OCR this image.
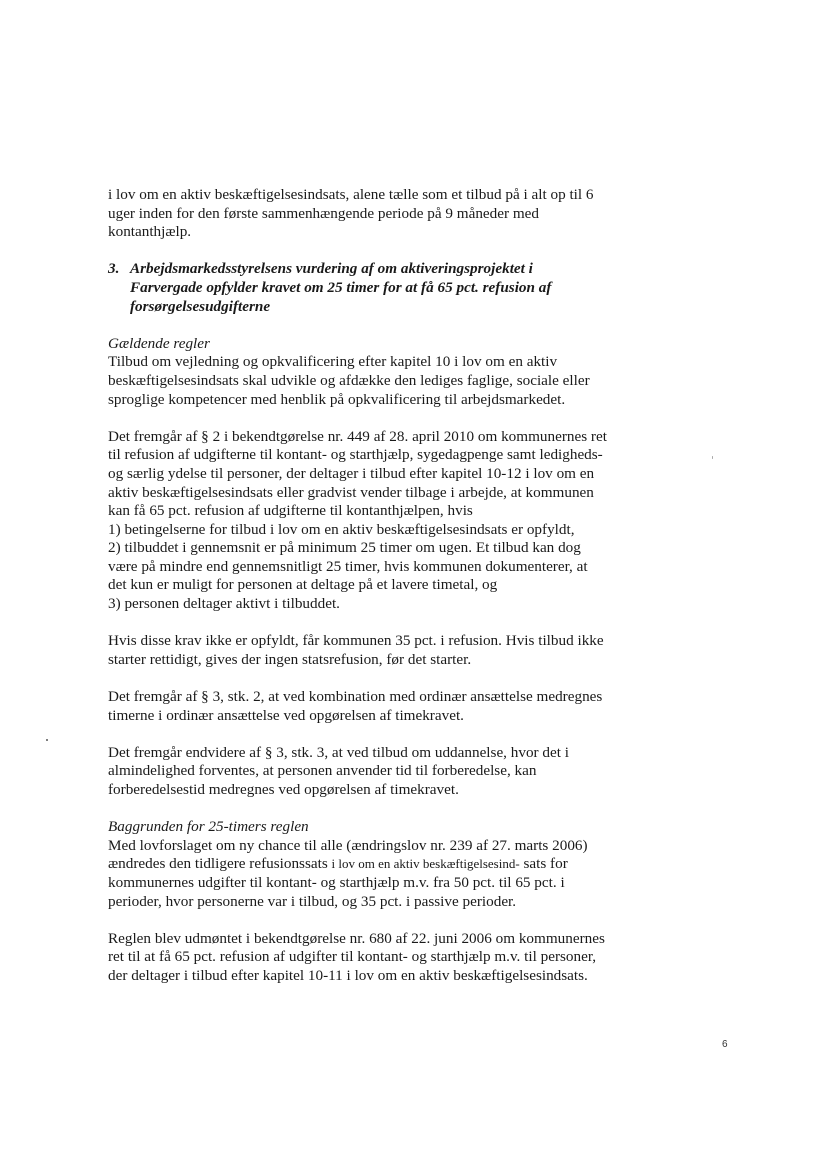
i lov om en aktiv beskæftigelsesindsats, alene tælle som et tilbud på i alt op til 6 uger inden for den første sammenhængende periode på 9 måneder med kontanthjælp.

3. Arbejdsmarkedsstyrelsens vurdering af om aktiveringsprojektet i Farvergade opfylder kravet om 25 timer for at få 65 pct. refusion af forsørgelsesudgifterne

Gældende regler
Tilbud om vejledning og opkvalificering efter kapitel 10 i lov om en aktiv beskæftigelsesindsats skal udvikle og afdække den lediges faglige, sociale eller sproglige kompetencer med henblik på opkvalificering til arbejdsmarkedet.

Det fremgår af § 2 i bekendtgørelse nr. 449 af 28. april 2010 om kommunernes ret til refusion af udgifterne til kontant- og starthjælp, sygedagpenge samt ledigheds- og særlig ydelse til personer, der deltager i tilbud efter kapitel 10-12 i lov om en aktiv beskæftigelsesindsats eller gradvist vender tilbage i arbejde, at kommunen kan få 65 pct. refusion af udgifterne til kontanthjælpen, hvis
1) betingelserne for tilbud i lov om en aktiv beskæftigelsesindsats er opfyldt,
2) tilbuddet i gennemsnit er på minimum 25 timer om ugen. Et tilbud kan dog være på mindre end gennemsnitligt 25 timer, hvis kommunen dokumenterer, at det kun er muligt for personen at deltage på et lavere timetal, og
3) personen deltager aktivt i tilbuddet.

Hvis disse krav ikke er opfyldt, får kommunen 35 pct. i refusion. Hvis tilbud ikke starter rettidigt, gives der ingen statsrefusion, før det starter.

Det fremgår af § 3, stk. 2, at ved kombination med ordinær ansættelse medregnes timerne i ordinær ansættelse ved opgørelsen af timekravet.

Det fremgår endvidere af § 3, stk. 3, at ved tilbud om uddannelse, hvor det i almindelighed forventes, at personen anvender tid til forberedelse, kan forberedelsestid medregnes ved opgørelsen af timekravet.

Baggrunden for 25-timers reglen
Med lovforslaget om ny chance til alle (ændringslov nr. 239 af 27. marts 2006) ændredes den tidligere refusionssats i lov om en aktiv beskæftigelsesind- sats for kommunernes udgifter til kontant- og starthjælp m.v. fra 50 pct. til 65 pct. i perioder, hvor personerne var i tilbud, og 35 pct. i passive perioder.

Reglen blev udmøntet i bekendtgørelse nr. 680 af 22. juni 2006 om kommunernes ret til at få 65 pct. refusion af udgifter til kontant- og starthjælp m.v. til personer, der deltager i tilbud efter kapitel 10-11 i lov om en aktiv beskæftigelsesindsats.

6
